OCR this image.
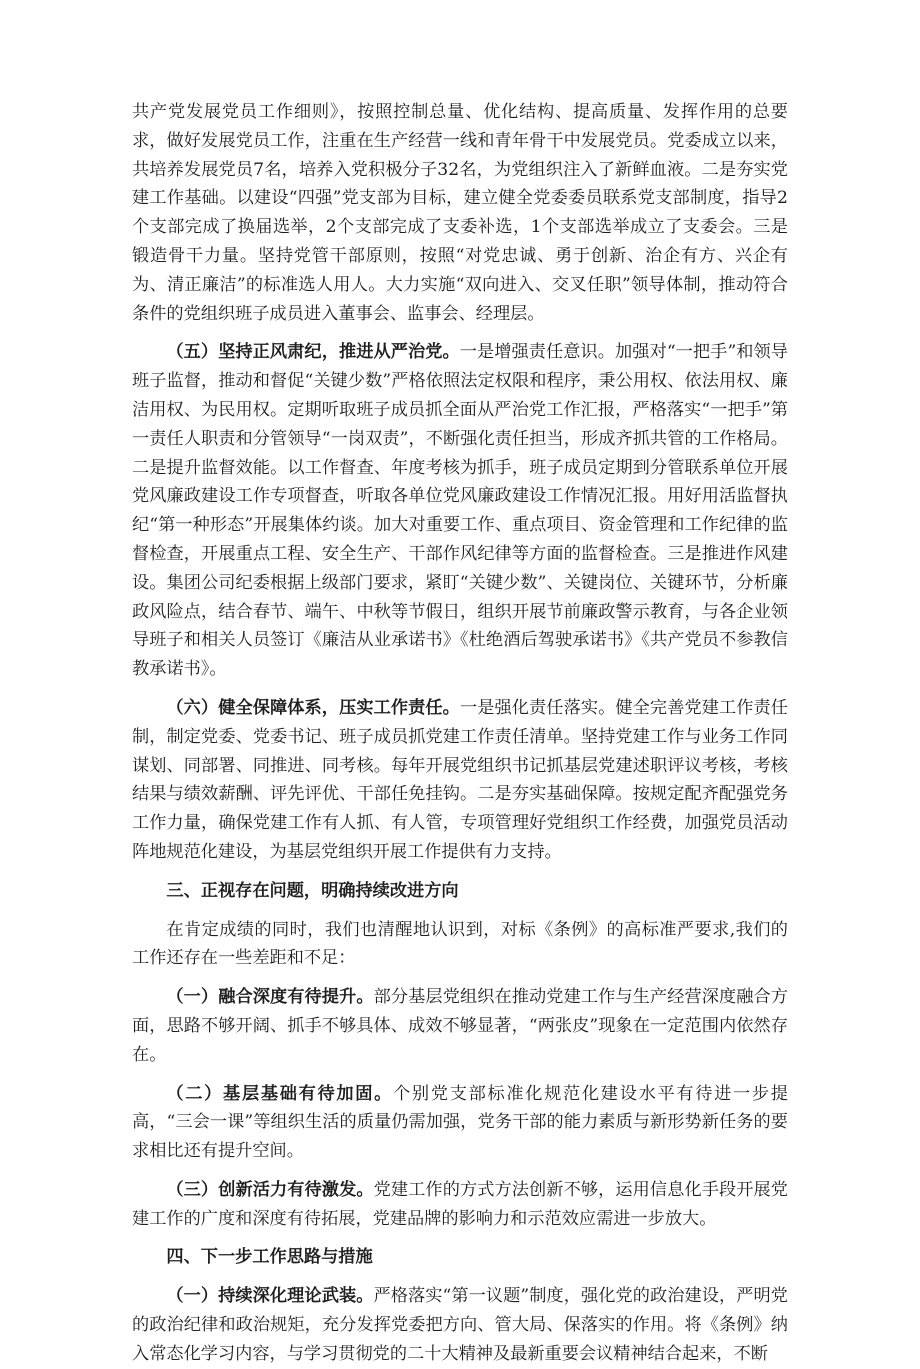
共产党发展党员工作细则》，按照控制总量、优化结构、提高质量、发挥作用的总要求，做好发展党员工作，注重在生产经营一线和青年骨干中发展党员。党委成立以来，共培养发展党员7名，培养入党积极分子32名，为党组织注入了新鲜血液。二是夯实党建工作基础。以建设“四强”党支部为目标，建立健全党委委员联系党支部制度，指导2个支部完成了换届选举，2个支部完成了支委补选，1个支部选举成立了支委会。三是锻造骨干力量。坚持党管干部原则，按照“对党忠诚、勇于创新、治企有方、兴企有为、清正廉洁”的标准选人用人。大力实施“双向进入、交叉任职”领导体制，推动符合条件的党组织班子成员进入董事会、监事会、经理层。

（五）坚持正风肃纪，推进从严治党。一是增强责任意识。加强对“一把手”和领导班子监督，推动和督促“关键少数”严格依照法定权限和程序，秉公用权、依法用权、廉洁用权、为民用权。定期听取班子成员抓全面从严治党工作汇报，严格落实“一把手”第一责任人职责和分管领导“一岗双责”，不断强化责任担当，形成齐抓共管的工作格局。二是提升监督效能。以工作督查、年度考核为抓手，班子成员定期到分管联系单位开展党风廉政建设工作专项督查，听取各单位党风廉政建设工作情况汇报。用好用活监督执纪“第一种形态”开展集体约谈。加大对重要工作、重点项目、资金管理和工作纪律的监督检查，开展重点工程、安全生产、干部作风纪律等方面的监督检查。三是推进作风建设。集团公司纪委根据上级部门要求，紧盯“关键少数”、关键岗位、关键环节，分析廉政风险点，结合春节、端午、中秋等节假日，组织开展节前廉政警示教育，与各企业领导班子和相关人员签订《廉洁从业承诺书》《杜绝酒后驾驶承诺书》《共产党员不参教信教承诺书》。

（六）健全保障体系，压实工作责任。一是强化责任落实。健全完善党建工作责任制，制定党委、党委书记、班子成员抓党建工作责任清单。坚持党建工作与业务工作同谋划、同部署、同推进、同考核。每年开展党组织书记抓基层党建述职评议考核，考核结果与绩效薪酬、评先评优、干部任免挂钩。二是夯实基础保障。按规定配齐配强党务工作力量，确保党建工作有人抓、有人管，专项管理好党组织工作经费，加强党员活动阵地规范化建设，为基层党组织开展工作提供有力支持。

三、正视存在问题，明确持续改进方向

在肯定成绩的同时，我们也清醒地认识到，对标《条例》的高标准严要求,我们的工作还存在一些差距和不足：

（一）融合深度有待提升。部分基层党组织在推动党建工作与生产经营深度融合方面，思路不够开阔、抓手不够具体、成效不够显著，“两张皮”现象在一定范围内依然存在。

（二）基层基础有待加固。个别党支部标准化规范化建设水平有待进一步提高，“三会一课”等组织生活的质量仍需加强，党务干部的能力素质与新形势新任务的要求相比还有提升空间。

（三）创新活力有待激发。党建工作的方式方法创新不够，运用信息化手段开展党建工作的广度和深度有待拓展，党建品牌的影响力和示范效应需进一步放大。

四、下一步工作思路与措施

（一）持续深化理论武装。严格落实“第一议题”制度，强化党的政治建设，严明党的政治纪律和政治规矩，充分发挥党委把方向、管大局、保落实的作用。将《条例》纳入常态化学习内容，与学习贯彻党的二十大精神及最新重要会议精神结合起来，不断
